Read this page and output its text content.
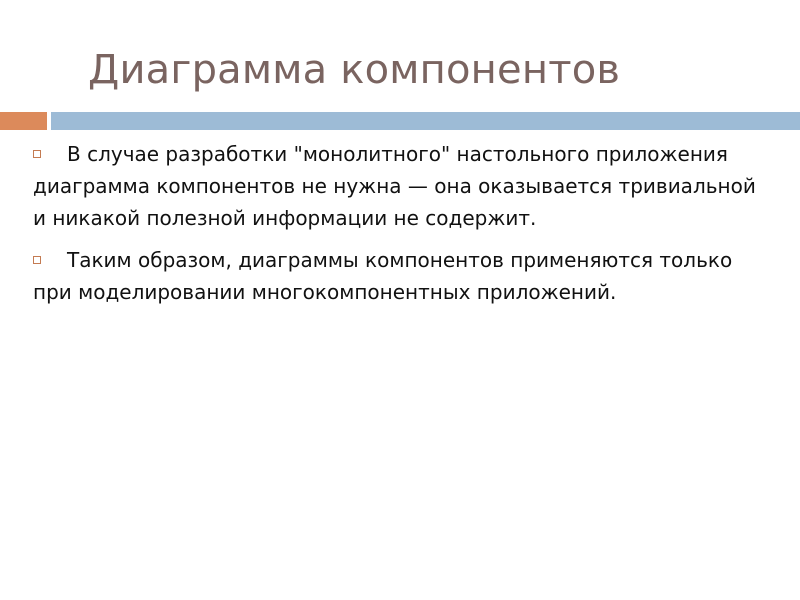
Диаграмма компонентов

В случае разработки "монолитного" настольного приложения диаграмма компонентов не нужна — она оказывается тривиальной и никакой полезной информации не содержит.

Таким образом, диаграммы компонентов применяются только при моделировании многокомпонентных приложений.
